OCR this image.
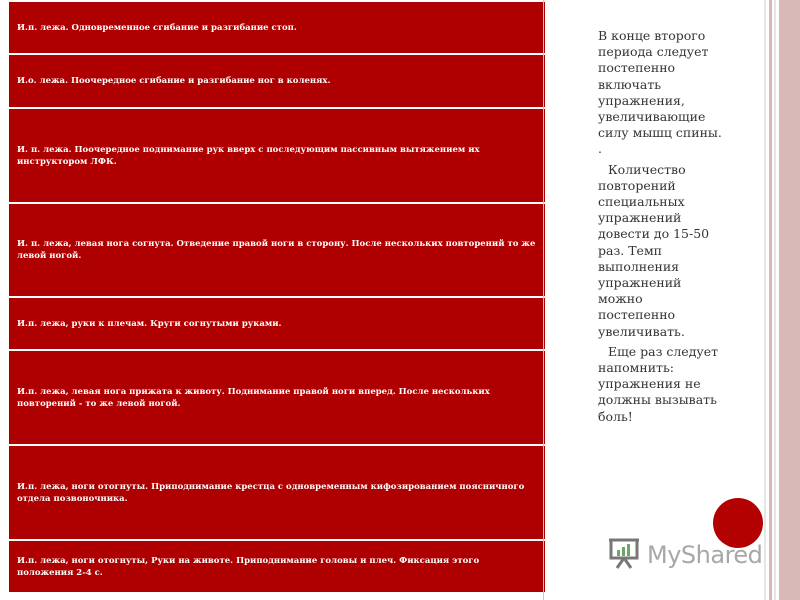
И.п. лежа. Одновременное сгибание и разгибание стоп.
И.о. лежа. Поочередное сгибание и разгибание ног в коленях.
И. п. лежа. Поочередное поднимание рук вверх с последующим пассивным вытяжением их инструктором ЛФК.
И. п. лежа, левая нога согнута. Отведение правой ноги в сторону. После нескольких повторений то же левой ногой.
И.п. лежа, руки к плечам. Круги согнутыми руками.
И.п. лежа, левая нога прижата к животу. Поднимание правой ноги вперед. После нескольких повторений - то же левой ногой.
И.п. лежа, ноги отогнуты. Приподнимание крестца с одновременным кифозированием поясничного отдела позвоночника.
И.п. лежа, ноги отогнуты, Руки на животе. Приподнимание головы и плеч. Фиксация этого положения 2-4 с.

В конце второго периода следует постепенно включать упражнения, увеличивающие силу мышц спины. .

Количество повторений специальных упражнений довести до 15-50 раз. Темп выполнения упражнений можно постепенно увеличивать.

Еще раз следует напомнить: упражнения не должны вызывать боль!

MyShared
